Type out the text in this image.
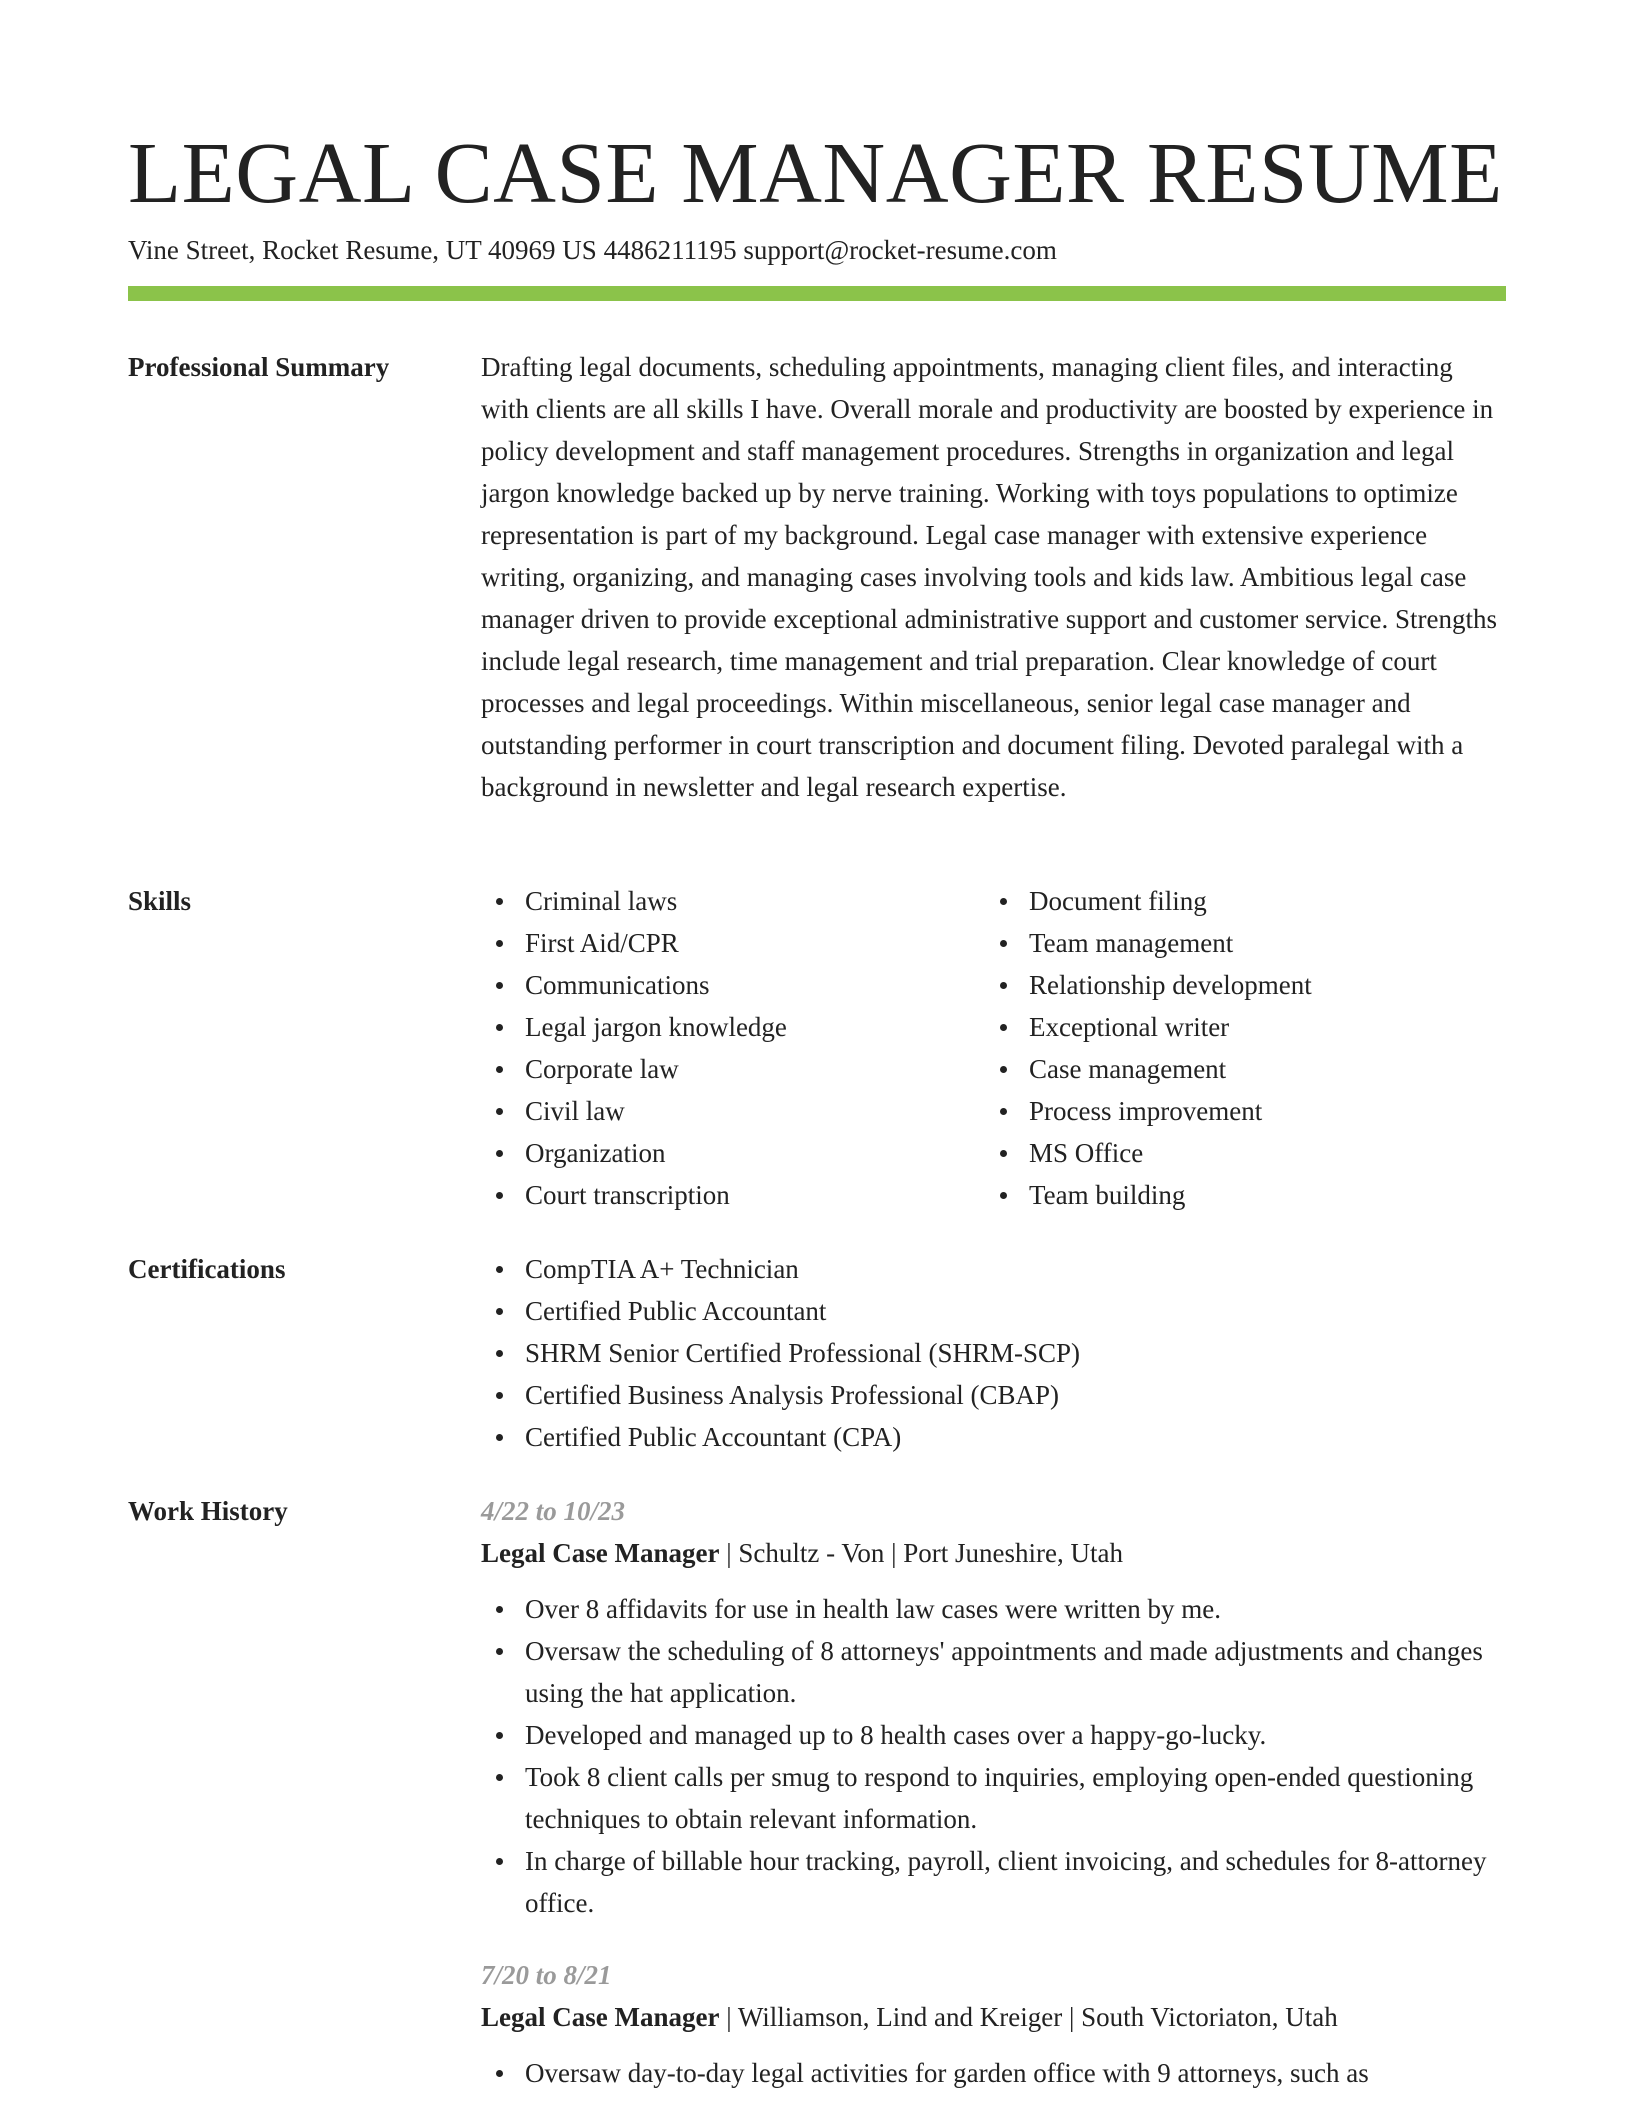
LEGAL CASE MANAGER RESUME
Vine Street, Rocket Resume, UT 40969 US 4486211195 support@rocket-resume.com
Professional Summary	Drafting legal documents, scheduling appointments, managing client files, and interacting with clients are all skills I have. Overall morale and productivity are boosted by experience in policy development and staff management procedures. Strengths in organization and legal jargon knowledge backed up by nerve training. Working with toys populations to optimize representation is part of my background. Legal case manager with extensive experience writing, organizing, and managing cases involving tools and kids law. Ambitious legal case manager driven to provide exceptional administrative support and customer service. Strengths include legal research, time management and trial preparation. Clear knowledge of court processes and legal proceedings. Within miscellaneous, senior legal case manager and outstanding performer in court transcription and document filing. Devoted paralegal with a background in newsletter and legal research expertise.

Skills	Criminal laws
First Aid/CPR
Communications
Legal jargon knowledge
Corporate law
Civil law
Organization
Court transcription
Document filing
Team management
Relationship development
Exceptional writer
Case management
Process improvement
MS Office
Team building
Certifications	CompTIA A+ Technician
Certified Public Accountant
SHRM Senior Certified Professional (SHRM-SCP)
Certified Business Analysis Professional (CBAP)
Certified Public Accountant (CPA)
Work History	4/22 to 10/23
Legal Case Manager | Schultz - Von | Port Juneshire, Utah
Over 8 affidavits for use in health law cases were written by me.
Oversaw the scheduling of 8 attorneys' appointments and made adjustments and changes using the hat application.
Developed and managed up to 8 health cases over a happy-go-lucky.
Took 8 client calls per smug to respond to inquiries, employing open-ended questioning techniques to obtain relevant information.
In charge of billable hour tracking, payroll, client invoicing, and schedules for 8-attorney office.
7/20 to 8/21
Legal Case Manager | Williamson, Lind and Kreiger | South Victoriaton, Utah
Oversaw day-to-day legal activities for garden office with 9 attorneys, such as
